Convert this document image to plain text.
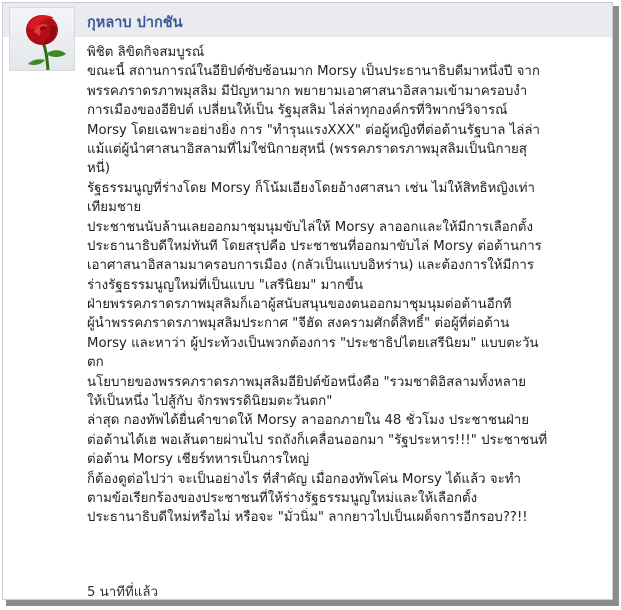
กุหลาบ ปากชัน
พิชิต ลิขิตกิจสมบูรณ์
ขณะนี้ สถานการณ์ในอียิปต์ซับซ้อนมาก Morsy เป็นประธานาธิบดีมาหนึ่งปี จาก
พรรคภราดรภาพมุสลิม มีปัญหามาก พยายามเอาศาสนาอิสลามเข้ามาครอบงำ
การเมืองของอียิปต์ เปลี่ยนให้เป็น รัฐมุสลิม ไล่ล่าทุกองค์กรที่วิพากษ์วิจารณ์
Morsy โดยเฉพาะอย่างยิ่ง การ "ทำรุนแรงXXX" ต่อผู้หญิงที่ต่อต้านรัฐบาล ไล่ล่า
แม้แต่ผู้นำศาสนาอิสลามที่ไม่ใช่นิกายสุหนี่ (พรรคภราดรภาพมุสลิมเป็นนิกายสุ
หนี่)
รัฐธรรมนูญที่ร่างโดย Morsy ก็โน้มเอียงโดยอ้างศาสนา เช่น ไม่ให้สิทธิหญิงเท่า
เทียมชาย
ประชาชนนับล้านเลยออกมาชุมนุมขับไล่ให้ Morsy ลาออกและให้มีการเลือกตั้ง
ประธานาธิบดีใหม่ทันที โดยสรุปคือ ประชาชนที่ออกมาขับไล่ Morsy ต่อต้านการ
เอาศาสนาอิสลามมาครอบการเมือง (กลัวเป็นแบบอิหร่าน) และต้องการให้มีการ
ร่างรัฐธรรมนูญใหม่ที่เป็นแบบ "เสรีนิยม" มากขึ้น
ฝ่ายพรรคภราดรภาพมุสลิมก็เอาผู้สนับสนุนของตนออกมาชุมนุมต่อต้านอีกที
ผู้นำพรรคภราดรภาพมุสลิมประกาศ "จีฮัด สงครามศักดิ์สิทธิ์" ต่อผู้ที่ต่อต้าน
Morsy และหาว่า ผู้ประท้วงเป็นพวกต้องการ "ประชาธิปไตยเสรีนิยม" แบบตะวัน
ตก
นโยบายของพรรคภราดรภาพมุสลิมอียิปต์ข้อหนึ่งคือ "รวมชาติอิสลามทั้งหลาย
ให้เป็นหนึ่ง ไปสู้กับ จักรพรรดินิยมตะวันตก"
ล่าสุด กองทัพได้ยื่นคำขาดให้ Morsy ลาออกภายใน 48 ชั่วโมง ประชาชนฝ่าย
ต่อต้านได้เฮ พอเส้นตายผ่านไป รถถังก็เคลื่อนออกมา "รัฐประหาร!!!" ประชาชนที่
ต่อต้าน Morsy เชียร์ทหารเป็นการใหญ่
ก็ต้องดูต่อไปว่า จะเป็นอย่างไร ที่สำคัญ เมื่อกองทัพโค่น Morsy ได้แล้ว จะทำ
ตามข้อเรียกร้องของประชาชนที่ให้ร่างรัฐธรรมนูญใหม่และให้เลือกตั้ง
ประธานาธิบดีใหม่หรือไม่ หรือจะ "มั่วนิ่ม" ลากยาวไปเป็นเผด็จการอีกรอบ??!!
5 นาทีที่แล้ว
